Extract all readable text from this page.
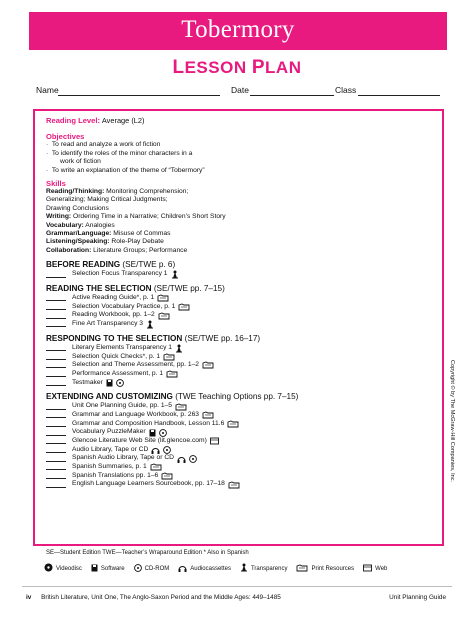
Tobermory
LESSON PLAN
Name	Date	Class
Reading Level: Average (L2)
Objectives
·  To read and analyze a work of fiction
·  To identify the roles of the minor characters in a
work of fiction
·  To write an explanation of the theme of “Tobermory”
Skills
Reading/Thinking: Monitoring Comprehension;
Generalizing; Making Critical Judgments;
Drawing Conclusions
Writing: Ordering Time in a Narrative; Children’s Short Story
Vocabulary: Analogies
Grammar/Language: Misuse of Commas
Listening/Speaking: Role-Play Debate
Collaboration: Literature Groups; Performance
BEFORE READING (SE/TWE p. 6)
Selection Focus Transparency 1
READING THE SELECTION (SE/TWE pp. 7–15)
Active Reading Guide*, p. 1
Selection Vocabulary Practice, p. 1
Reading Workbook, pp. 1–2
Fine Art Transparency 3
RESPONDING TO THE SELECTION (SE/TWE pp. 16–17)
Literary Elements Transparency 1
Selection Quick Checks*, p. 1
Selection and Theme Assessment, pp. 1–2
Performance Assessment, p. 1
Testmaker
EXTENDING AND CUSTOMIZING (TWE Teaching Options pp. 7–15)
Unit One Planning Guide, pp. 1–5
Grammar and Language Workbook, p. 263
Grammar and Composition Handbook, Lesson 11.6
Vocabulary PuzzleMaker
Glencoe Literature Web Site (lit.glencoe.com)
Audio Library, Tape or CD
Spanish Audio Library, Tape or CD
Spanish Summaries, p. 1
Spanish Translations pp. 1–6
English Language Learners Sourcebook, pp. 17–18
SE—Student Edition TWE—Teacher’s Wraparound Edition * Also in Spanish
Videodisc	Software	CD-ROM	Audiocassettes	Transparency	Print Resources	Web
iv British Literature, Unit One, The Anglo-Saxon Period and the Middle Ages: 449–1485	Unit Planning Guide
Copyright © by The McGraw-Hill Companies, Inc.
